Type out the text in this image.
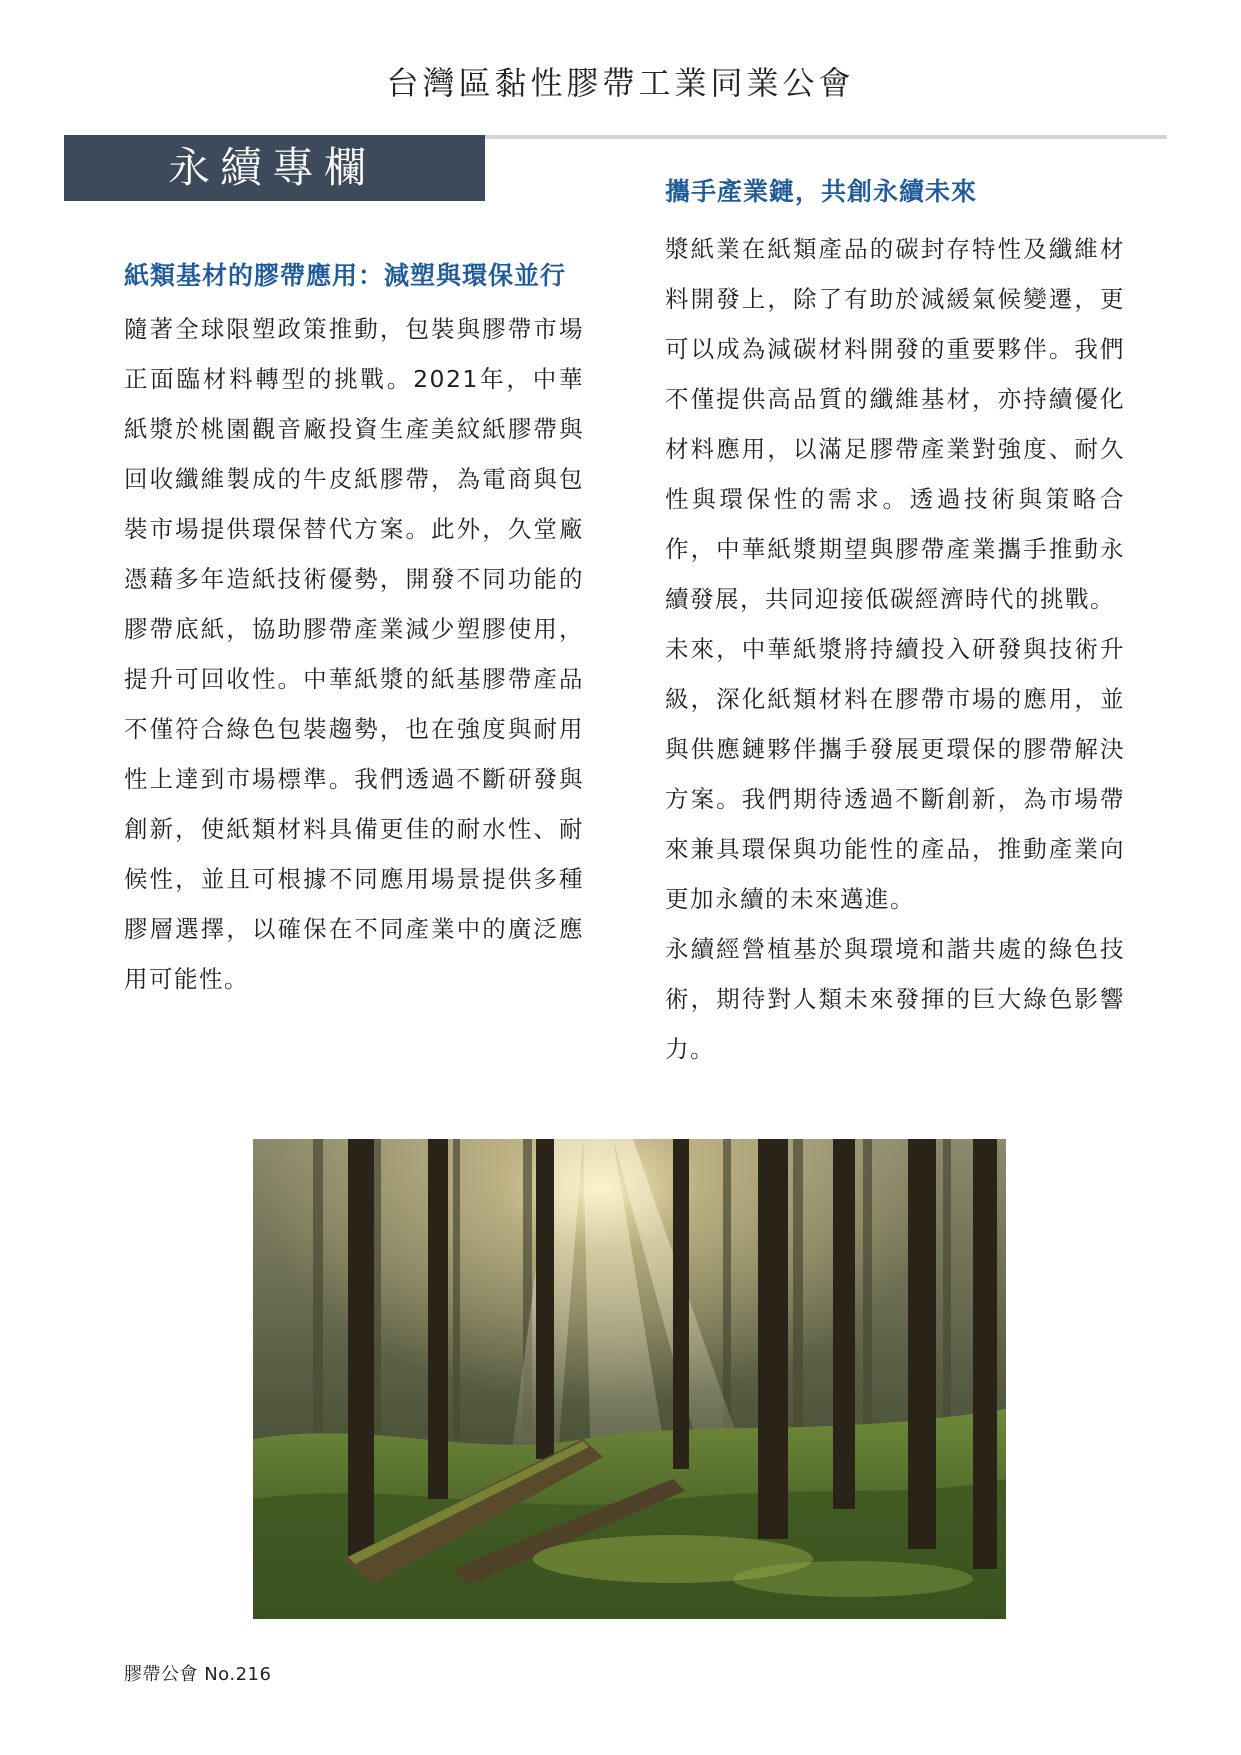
台灣區黏性膠帶工業同業公會
永續專欄
紙類基材的膠帶應用：減塑與環保並行

隨著全球限塑政策推動，包裝與膠帶市場正面臨材料轉型的挑戰。2021年，中華紙漿於桃園觀音廠投資生產美紋紙膠帶與回收纖維製成的牛皮紙膠帶，為電商與包裝市場提供環保替代方案。此外，久堂廠憑藉多年造紙技術優勢，開發不同功能的膠帶底紙，協助膠帶產業減少塑膠使用，提升可回收性。中華紙漿的紙基膠帶產品不僅符合綠色包裝趨勢，也在強度與耐用性上達到市場標準。我們透過不斷研發與創新，使紙類材料具備更佳的耐水性、耐候性，並且可根據不同應用場景提供多種膠層選擇，以確保在不同產業中的廣泛應用可能性。

攜手產業鏈，共創永續未來

漿紙業在紙類產品的碳封存特性及纖維材料開發上，除了有助於減緩氣候變遷，更可以成為減碳材料開發的重要夥伴。我們不僅提供高品質的纖維基材，亦持續優化材料應用，以滿足膠帶產業對強度、耐久性與環保性的需求。透過技術與策略合作，中華紙漿期望與膠帶產業攜手推動永續發展，共同迎接低碳經濟時代的挑戰。

未來，中華紙漿將持續投入研發與技術升級，深化紙類材料在膠帶市場的應用，並與供應鏈夥伴攜手發展更環保的膠帶解決方案。我們期待透過不斷創新，為市場帶來兼具環保與功能性的產品，推動產業向更加永續的未來邁進。

永續經營植基於與環境和諧共處的綠色技術，期待對人類未來發揮的巨大綠色影響力。

膠帶公會 No.216
